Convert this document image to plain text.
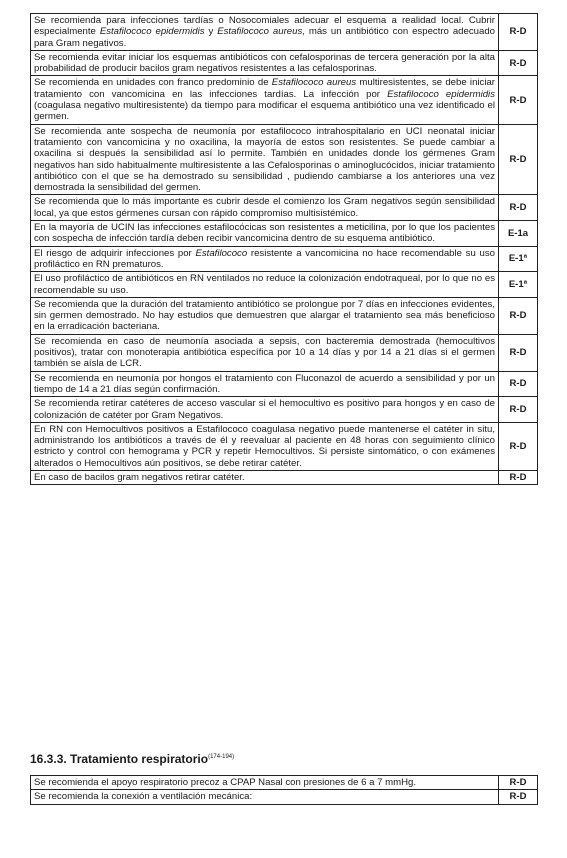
Se recomienda para infecciones tardías o Nosocomiales adecuar el esquema a realidad local. Cubrir especialmente Estafilococo epidermidis y Estafilococo aureus, más un antibiótico con espectro adecuado para Gram negativos.	R-D
Se recomienda evitar iniciar los esquemas antibióticos con cefalosporinas de tercera generación por la alta probabilidad de producir bacilos gram negativos resistentes a las cefalosporinas.	R-D
Se recomienda en unidades con franco predominio de Estafilococo aureus multiresistentes, se debe iniciar tratamiento con vancomicina en las infecciones tardías. La infección por Estafilococo epidermidis (coagulasa negativo multiresistente) da tiempo para modificar el esquema antibiótico una vez identificado el germen.	R-D
Se recomienda ante sospecha de neumonía por estafilococo intrahospitalario en UCI neonatal iniciar tratamiento con vancomicina y no oxacilina, la mayoría de estos son resistentes. Se puede cambiar a oxacilina si después la sensibilidad así lo permite. También en unidades donde los gérmenes Gram negativos han sido habitualmente multiresistente a las Cefalosporinas o aminoglucócidos, iniciar tratamiento antibiótico con el que se ha demostrado su sensibilidad , pudiendo cambiarse a los anteriores una vez demostrada la sensibilidad del germen.	R-D
Se recomienda que lo más importante es cubrir desde el comienzo los Gram negativos según sensibilidad local, ya que estos gérmenes cursan con rápido compromiso multisistémico.	R-D
En la mayoría de UCIN las infecciones estafilocócicas son resistentes a meticilina, por lo que los pacientes con sospecha de infección tardía deben recibir vancomicina dentro de su esquema antibiótico.	E-1a
El riesgo de adquirir infecciones por Estafilococo resistente a vancomicina no hace recomendable su uso profiláctico en RN prematuros.	E-1ª
El uso profiláctico de antibióticos en RN ventilados no reduce la colonización endotraqueal, por lo que no es recomendable su uso.	E-1ª
Se recomienda que la duración del tratamiento antibiótico se prolongue por 7 días en infecciones evidentes, sin germen demostrado. No hay estudios que demuestren que alargar el tratamiento sea más beneficioso en la erradicación bacteriana.	R-D
Se recomienda en caso de neumonía asociada a sepsis, con bacteremia demostrada (hemocultivos positivos), tratar con monoterapia antibiótica específica por 10 a 14 días y por 14 a 21 días si el germen también se aísla de LCR.	R-D
Se recomienda en neumonía por hongos el tratamiento con Fluconazol de acuerdo a sensibilidad y por un tiempo de 14 a 21 días según confirmación.	R-D
Se recomienda retirar catéteres de acceso vascular si el hemocultivo es positivo para hongos y en caso de colonización de catéter por Gram Negativos.	R-D
En RN con Hemocultivos positivos a Estafilococo coagulasa negativo puede mantenerse el catéter in situ, administrando los antibióticos a través de él y reevaluar al paciente en 48 horas con seguimiento clínico estricto y control con hemograma y PCR y repetir Hemocultivos. Si persiste sintomático, o con exámenes alterados o Hemocultivos aún positivos, se debe retirar catéter.	R-D
En caso de bacilos gram negativos retirar catéter.	R-D
16.3.3. Tratamiento respiratorio$^{(174-194)}$
Se recomienda el apoyo respiratorio precoz a CPAP Nasal con presiones de 6 a 7 mmHg.	R-D
Se recomienda la conexión a ventilación mecánica:	R-D
